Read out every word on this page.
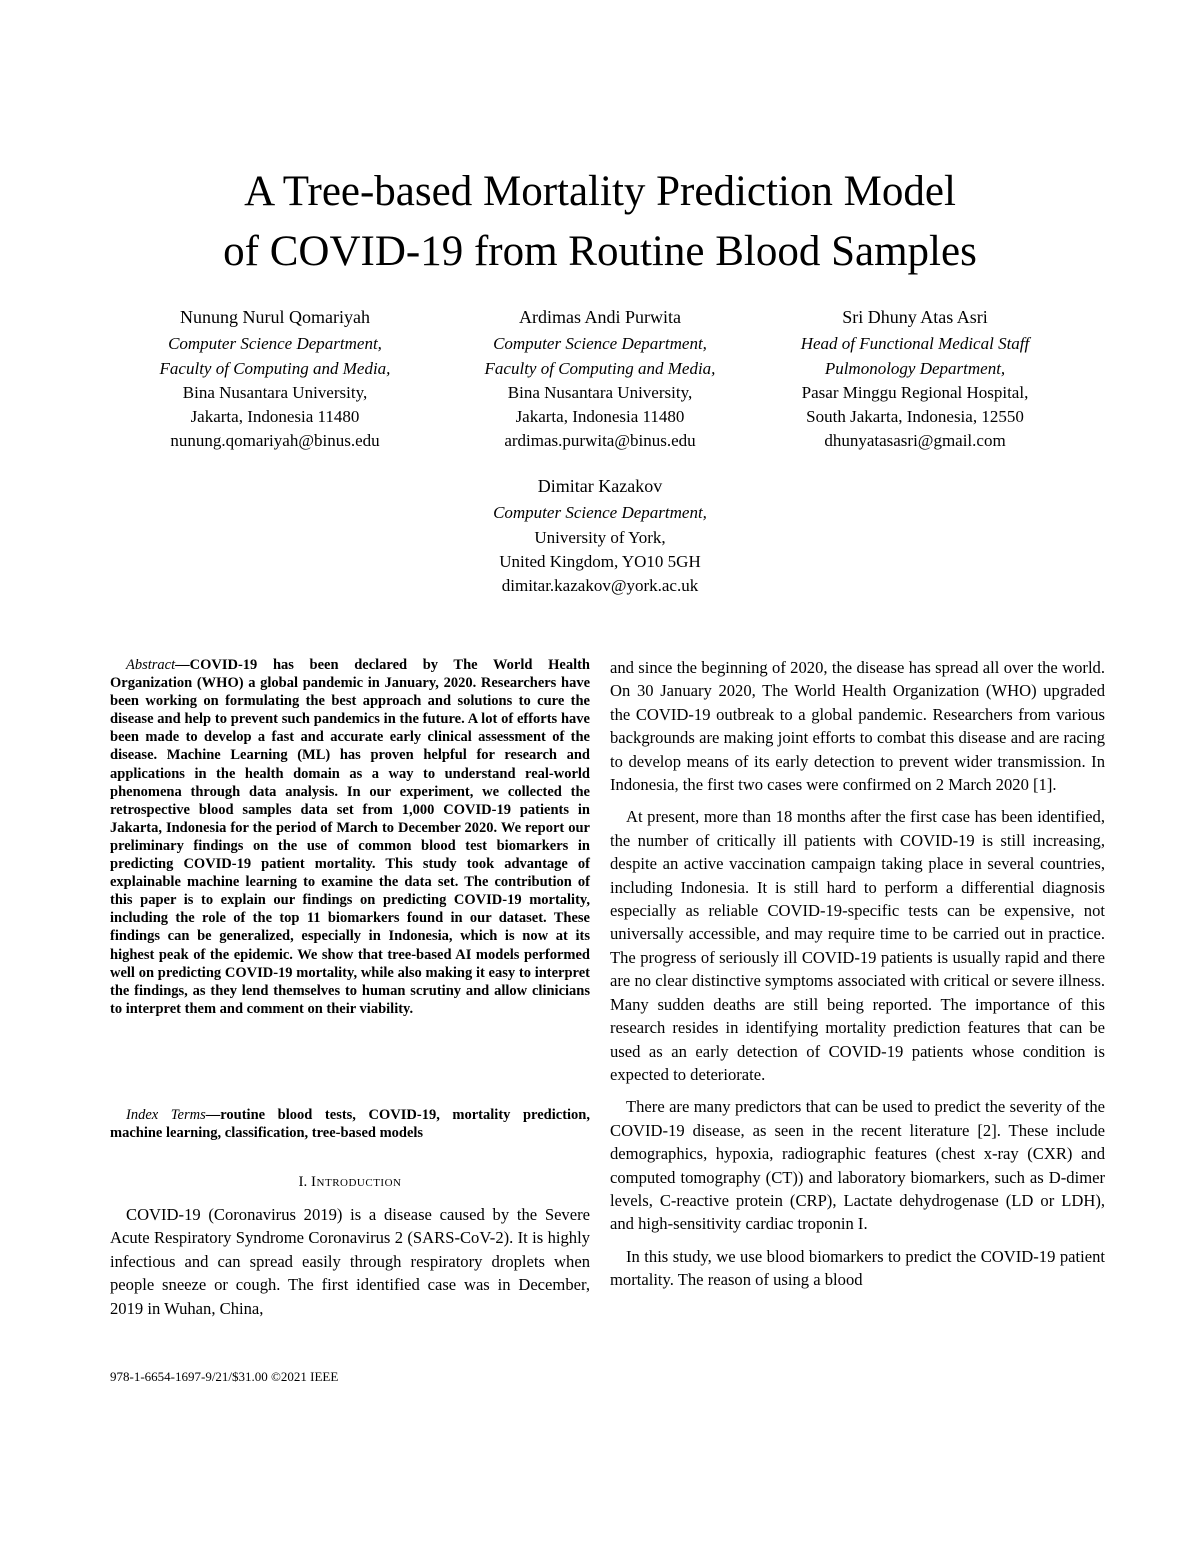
A Tree-based Mortality Prediction Model
of COVID-19 from Routine Blood Samples
Nunung Nurul Qomariyah
Computer Science Department,
Faculty of Computing and Media,
Bina Nusantara University,
Jakarta, Indonesia 11480
nunung.qomariyah@binus.edu
Ardimas Andi Purwita
Computer Science Department,
Faculty of Computing and Media,
Bina Nusantara University,
Jakarta, Indonesia 11480
ardimas.purwita@binus.edu
Sri Dhuny Atas Asri
Head of Functional Medical Staff
Pulmonology Department,
Pasar Minggu Regional Hospital,
South Jakarta, Indonesia, 12550
dhunyatasasri@gmail.com
Dimitar Kazakov
Computer Science Department,
University of York,
United Kingdom, YO10 5GH
dimitar.kazakov@york.ac.uk

Abstract—COVID-19 has been declared by The World Health Organization (WHO) a global pandemic in January, 2020. Researchers have been working on formulating the best approach and solutions to cure the disease and help to prevent such pandemics in the future. A lot of efforts have been made to develop a fast and accurate early clinical assessment of the disease. Machine Learning (ML) has proven helpful for research and applications in the health domain as a way to understand real-world phenomena through data analysis. In our experiment, we collected the retrospective blood samples data set from 1,000 COVID-19 patients in Jakarta, Indonesia for the period of March to December 2020. We report our preliminary findings on the use of common blood test biomarkers in predicting COVID-19 patient mortality. This study took advantage of explainable machine learning to examine the data set. The contribution of this paper is to explain our findings on predicting COVID-19 mortality, including the role of the top 11 biomarkers found in our dataset. These findings can be generalized, especially in Indonesia, which is now at its highest peak of the epidemic. We show that tree-based AI models performed well on predicting COVID-19 mortality, while also making it easy to interpret the findings, as they lend themselves to human scrutiny and allow clinicians to interpret them and comment on their viability.

Index Terms—routine blood tests, COVID-19, mortality prediction, machine learning, classification, tree-based models

I. Introduction

COVID-19 (Coronavirus 2019) is a disease caused by the Severe Acute Respiratory Syndrome Coronavirus 2 (SARS-CoV-2). It is highly infectious and can spread easily through respiratory droplets when people sneeze or cough. The first identified case was in December, 2019 in Wuhan, China,

and since the beginning of 2020, the disease has spread all over the world. On 30 January 2020, The World Health Organization (WHO) upgraded the COVID-19 outbreak to a global pandemic. Researchers from various backgrounds are making joint efforts to combat this disease and are racing to develop means of its early detection to prevent wider transmission. In Indonesia, the first two cases were confirmed on 2 March 2020 [1].

At present, more than 18 months after the first case has been identified, the number of critically ill patients with COVID-19 is still increasing, despite an active vaccination campaign taking place in several countries, including Indonesia. It is still hard to perform a differential diagnosis especially as reliable COVID-19-specific tests can be expensive, not universally accessible, and may require time to be carried out in practice. The progress of seriously ill COVID-19 patients is usually rapid and there are no clear distinctive symptoms associated with critical or severe illness. Many sudden deaths are still being reported. The importance of this research resides in identifying mortality prediction features that can be used as an early detection of COVID-19 patients whose condition is expected to deteriorate.

There are many predictors that can be used to predict the severity of the COVID-19 disease, as seen in the recent literature [2]. These include demographics, hypoxia, radiographic features (chest x-ray (CXR) and computed tomography (CT)) and laboratory biomarkers, such as D-dimer levels, C-reactive protein (CRP), Lactate dehydrogenase (LD or LDH), and high-sensitivity cardiac troponin I.

In this study, we use blood biomarkers to predict the COVID-19 patient mortality. The reason of using a blood

978-1-6654-1697-9/21/$31.00 ©2021 IEEE
